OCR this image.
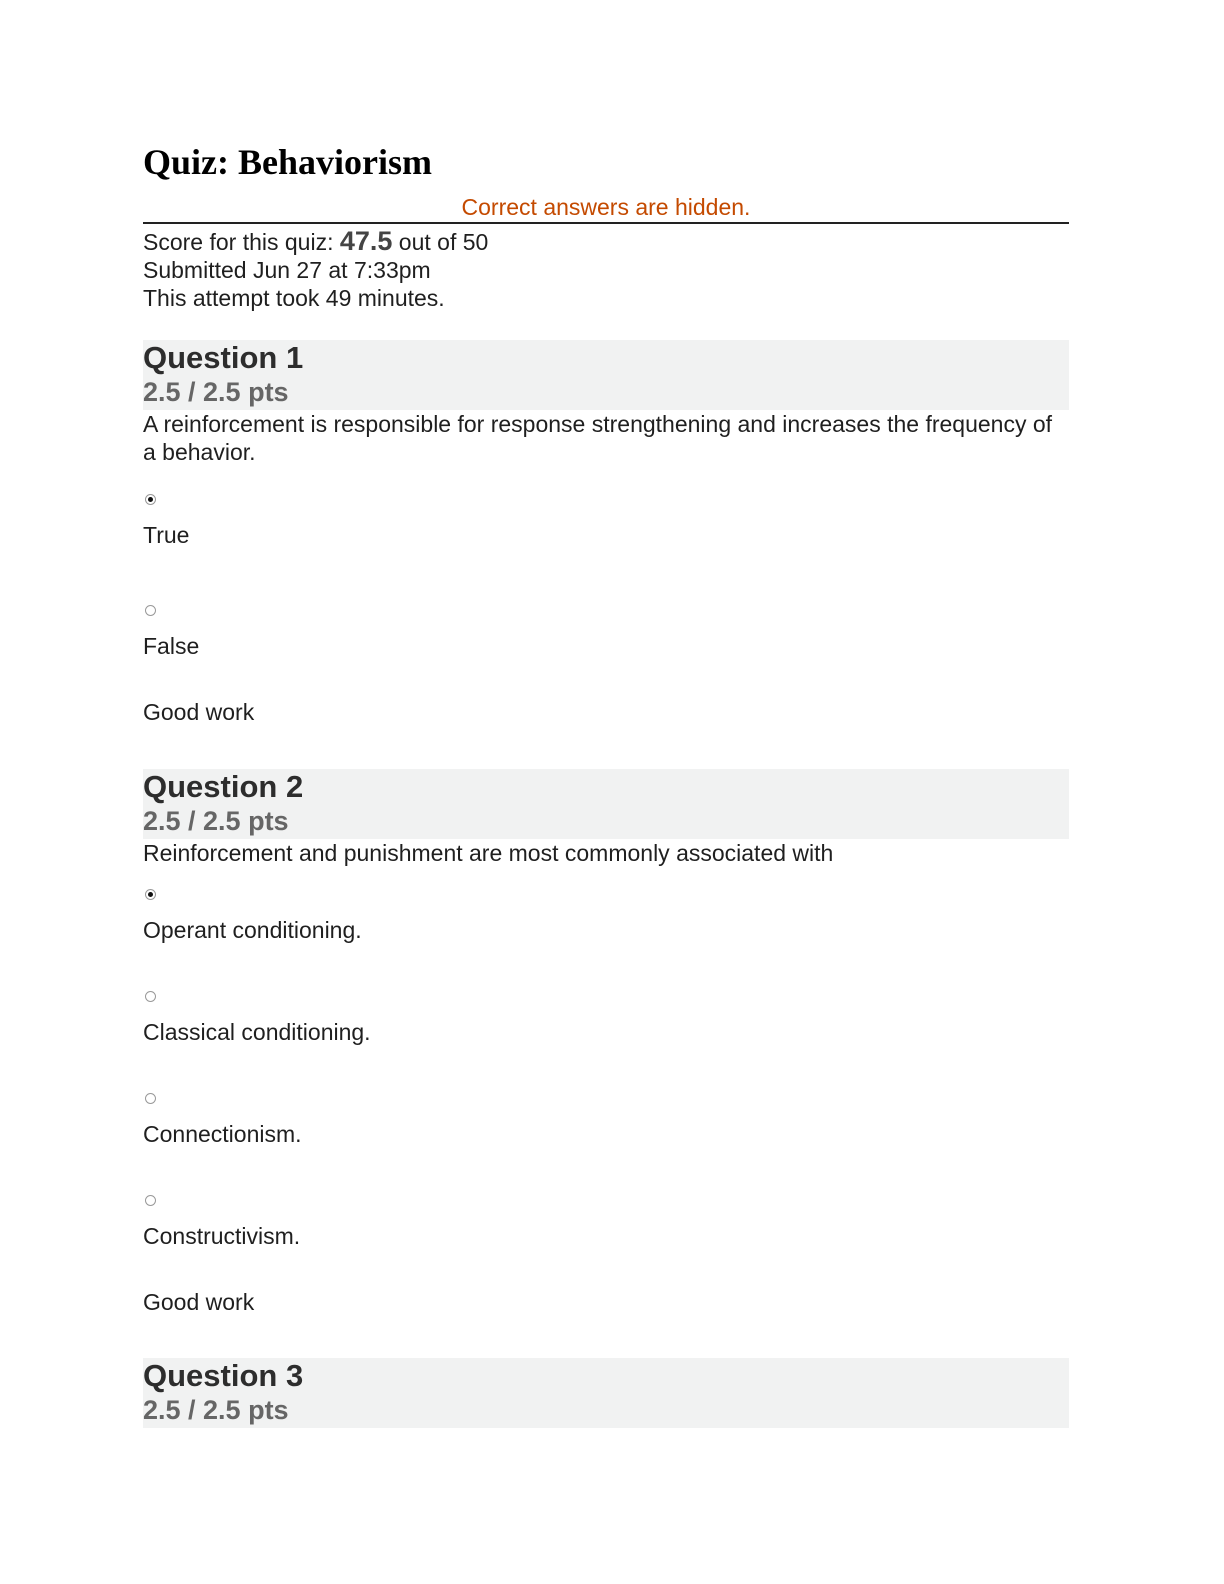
Quiz: Behaviorism
Correct answers are hidden.
Score for this quiz: 47.5 out of 50
Submitted Jun 27 at 7:33pm
This attempt took 49 minutes.
Question 1
2.5 / 2.5 pts
A reinforcement is responsible for response strengthening and increases the frequency of a behavior.
True
False
Good work
Question 2
2.5 / 2.5 pts
Reinforcement and punishment are most commonly associated with
Operant conditioning.
Classical conditioning.
Connectionism.
Constructivism.
Good work
Question 3
2.5 / 2.5 pts
